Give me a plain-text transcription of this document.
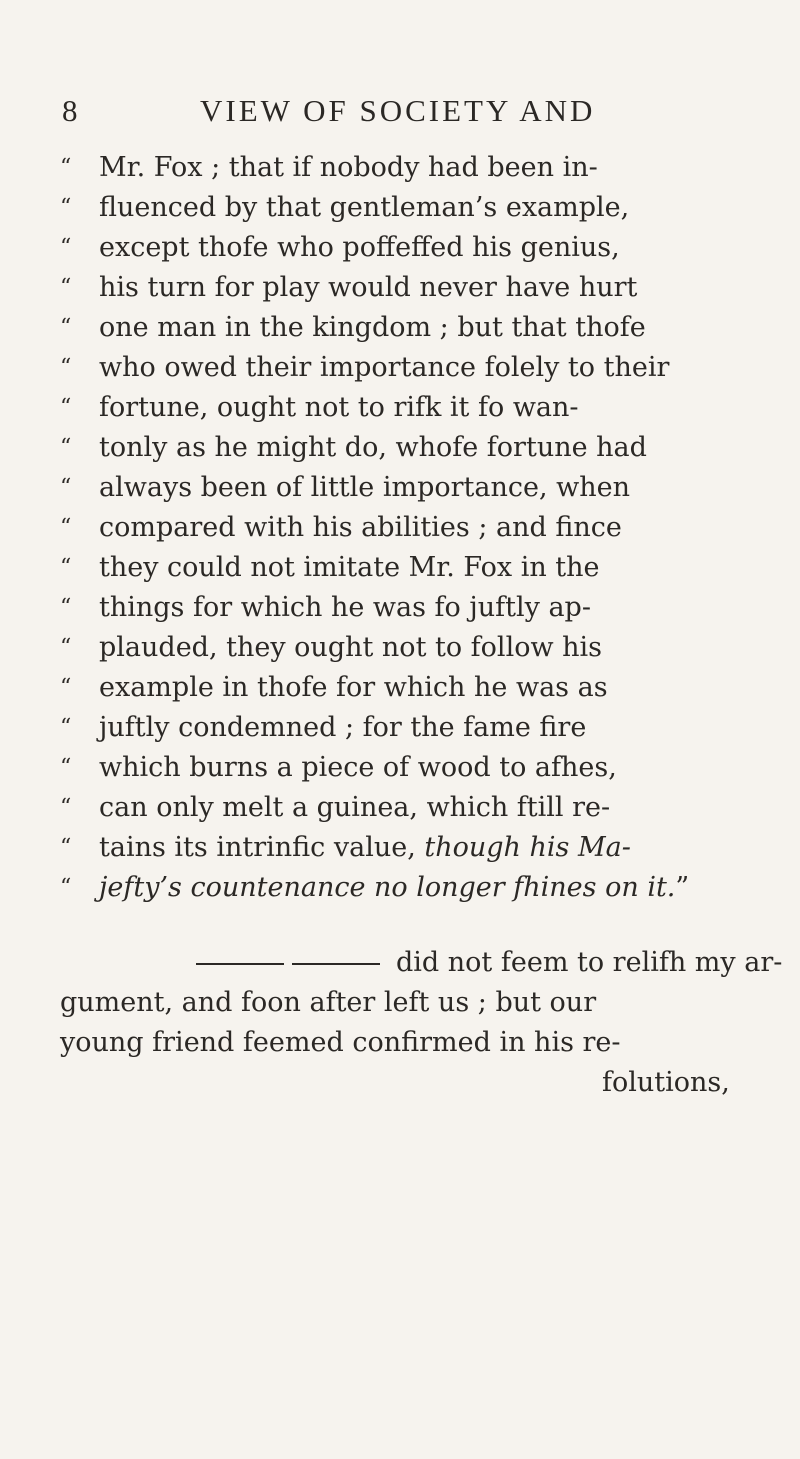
8	VIEW OF SOCIETY AND
“ Mr. Fox ; that if nobody had been in-
“ fluenced by that gentleman’s example,
“ except thofe who poffeffed his genius,
“ his turn for play would never have hurt
“ one man in the kingdom ; but that thofe
“ who owed their importance folely to their
“ fortune, ought not to rifk it fo wan-
“ tonly as he might do, whofe fortune had
“ always been of little importance, when
“ compared with his abilities ; and fince
“ they could not imitate Mr. Fox in the
“ things for which he was fo juftly ap-
“ plauded, they ought not to follow his
“ example in thofe for which he was as
“ juftly condemned ; for the fame fire
“ which burns a piece of wood to afhes,
“ can only melt a guinea, which ftill re-
“ tains its intrinfic value, though his Ma-
“ jefty’s countenance no longer fhines on it.”
did not feem to relifh my ar-
gument, and foon after left us ; but our
young friend feemed confirmed in his re-
folutions,
